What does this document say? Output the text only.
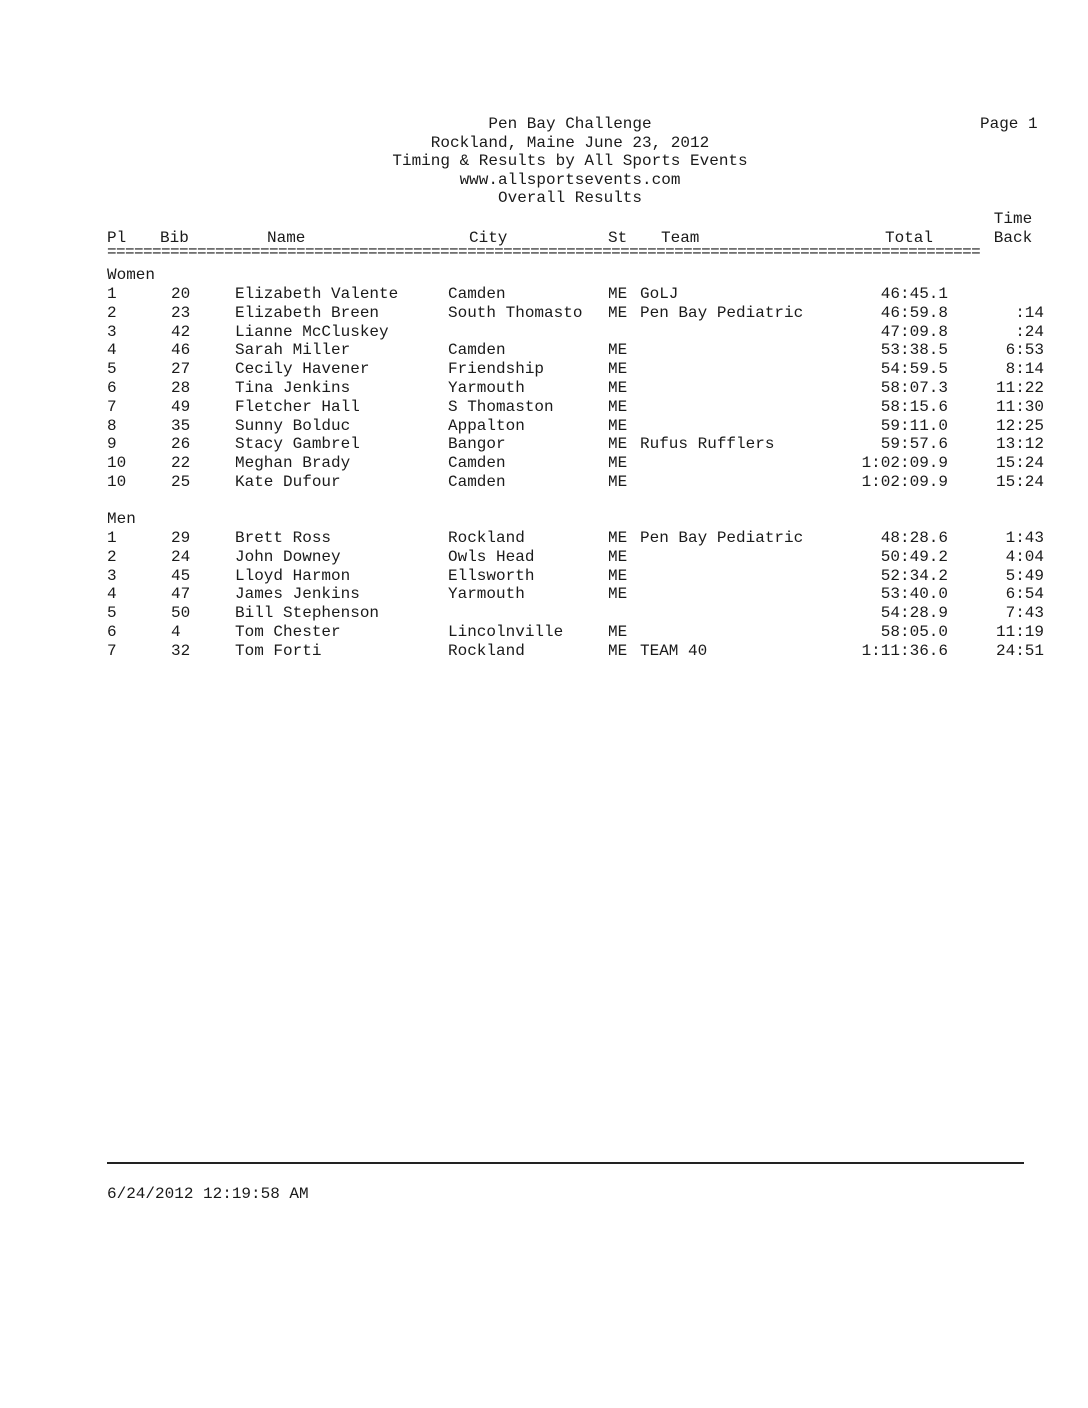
Pen Bay Challenge
Rockland, Maine June 23, 2012
Timing & Results by All Sports Events
www.allsportsevents.com
Overall Results
Page 1
Time
Pl Bib	Name	City	St Team	Total	Back
=================================================================================================
Women
1	20	Elizabeth Valente	Camden	ME GoLJ	46:45.1
2	23	Elizabeth Breen	South Thomasto ME Pen Bay Pediatric	46:59.8	:14
3	42	Lianne McCluskey	47:09.8	:24
4	46	Sarah Miller	Camden	ME	53:38.5	6:53
5	27	Cecily Havener	Friendship	ME	54:59.5	8:14
6	28	Tina Jenkins	Yarmouth	ME	58:07.3	11:22
7	49	Fletcher Hall	S Thomaston	ME	58:15.6	11:30
8	35	Sunny Bolduc	Appalton	ME	59:11.0	12:25
9	26	Stacy Gambrel	Bangor	ME Rufus Rufflers	59:57.6	13:12
10	22	Meghan Brady	Camden	ME	1:02:09.9	15:24
10	25	Kate Dufour	Camden	ME	1:02:09.9	15:24
Men
1	29	Brett Ross	Rockland	ME Pen Bay Pediatric	48:28.6	1:43
2	24	John Downey	Owls Head	ME	50:49.2	4:04
3	45	Lloyd Harmon	Ellsworth	ME	52:34.2	5:49
4	47	James Jenkins	Yarmouth	ME	53:40.0	6:54
5	50	Bill Stephenson	54:28.9	7:43
6	4	Tom Chester	Lincolnville	ME	58:05.0	11:19
7	32	Tom Forti	Rockland	ME TEAM 40	1:11:36.6	24:51
6/24/2012 12:19:58 AM
